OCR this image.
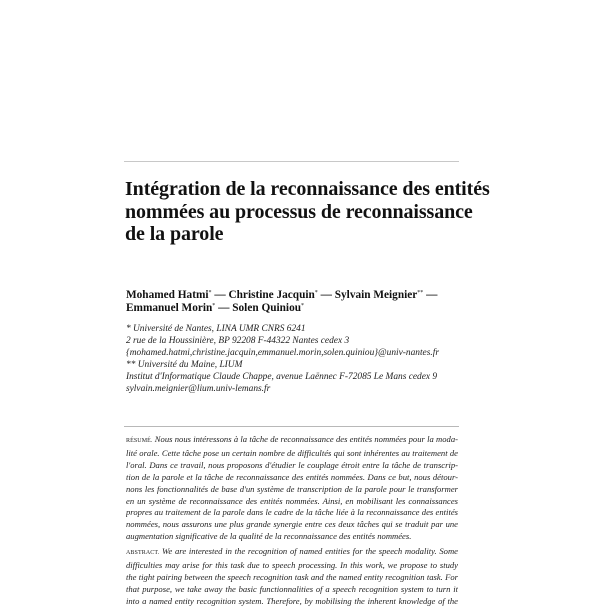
Intégration de la reconnaissance des entités
nommées au processus de reconnaissance
de la parole
Mohamed Hatmi* — Christine Jacquin* — Sylvain Meignier** —
Emmanuel Morin* — Solen Quiniou*
* Université de Nantes, LINA UMR CNRS 6241
2 rue de la Houssinière, BP 92208 F-44322 Nantes cedex 3
{mohamed.hatmi,christine.jacquin,emmanuel.morin,solen.quiniou}@univ-nantes.fr
** Université du Maine, LIUM
Institut d'Informatique Claude Chappe, avenue Laënnec F-72085 Le Mans cedex 9
sylvain.meignier@lium.univ-lemans.fr
RÉSUMÉ. Nous nous intéressons à la tâche de reconnaissance des entités nommées pour la moda-
lité orale. Cette tâche pose un certain nombre de difficultés qui sont inhérentes au traitement de
l'oral. Dans ce travail, nous proposons d'étudier le couplage étroit entre la tâche de transcrip-
tion de la parole et la tâche de reconnaissance des entités nommées. Dans ce but, nous détour-
nons les fonctionnalités de base d'un système de transcription de la parole pour le transformer
en un système de reconnaissance des entités nommées. Ainsi, en mobilisant les connaissances
propres au traitement de la parole dans le cadre de la tâche liée à la reconnaissance des entités
nommées, nous assurons une plus grande synergie entre ces deux tâches qui se traduit par une
augmentation significative de la qualité de la reconnaissance des entités nommées.
ABSTRACT. We are interested in the recognition of named entities for the speech modality. Some
difficulties may arise for this task due to speech processing. In this work, we propose to study
the tight pairing between the speech recognition task and the named entity recognition task. For
that purpose, we take away the basic functionnalities of a speech recognition system to turn it
into a named entity recognition system. Therefore, by mobilising the inherent knowledge of the
